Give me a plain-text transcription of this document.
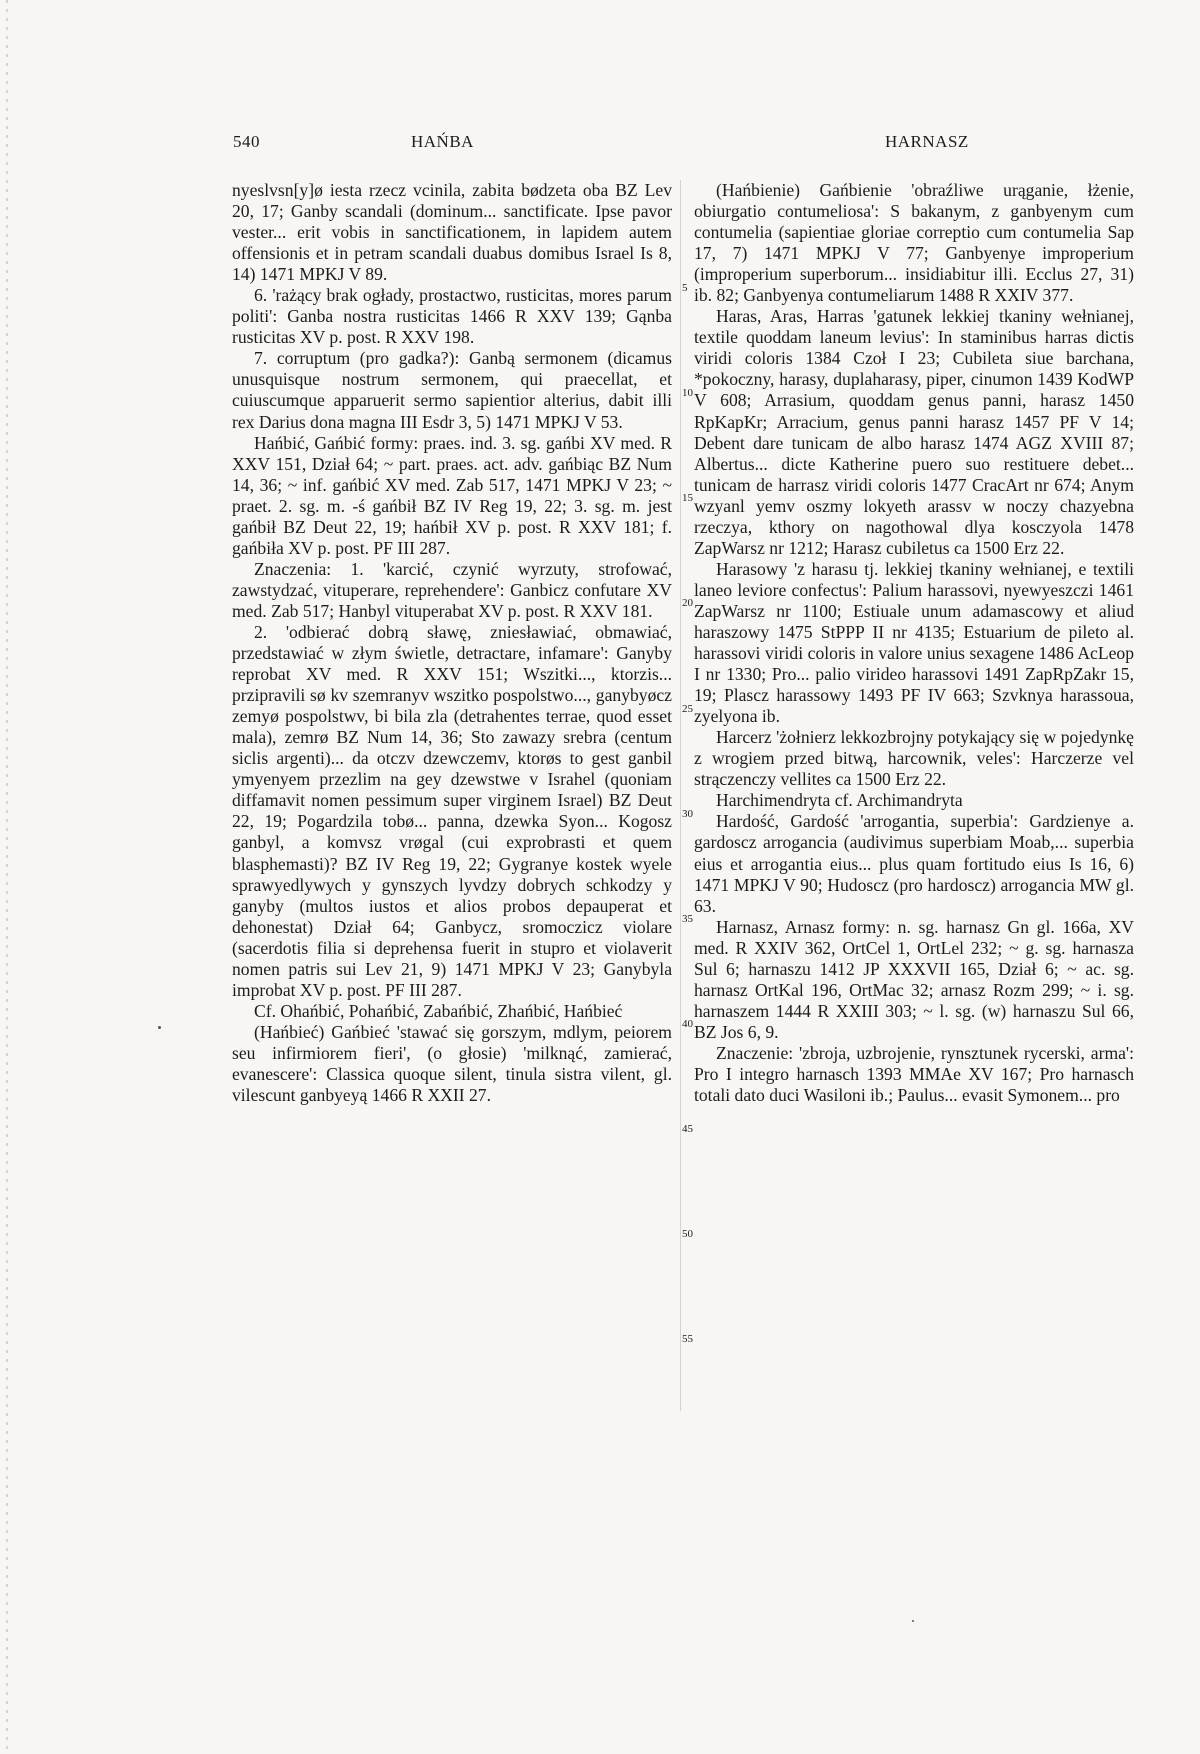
540	HAŃBA	HARNASZ

nyeslvsn[y]ø iesta rzecz vcinila, zabita bødzeta oba BZ Lev 20, 17; Ganby scandali (dominum... sanctificate. Ipse pavor vester... erit vobis in sanctificationem, in lapidem autem offensionis et in petram scandali duabus domibus Israel Is 8, 14) 1471 MPKJ V 89.

6. 'rażący brak ogłady, prostactwo, rusticitas, mores parum politi': Ganba nostra rusticitas 1466 R XXV 139; Gąnba rusticitas XV p. post. R XXV 198.

7. corruptum (pro gadka?): Ganbą sermonem (dicamus unusquisque nostrum sermonem, qui praecellat, et cuiuscumque apparuerit sermo sapientior alterius, dabit illi rex Darius dona magna III Esdr 3, 5) 1471 MPKJ V 53.

Hańbić, Gańbić formy: praes. ind. 3. sg. gańbi XV med. R XXV 151, Dział 64; ~ part. praes. act. adv. gańbiąc BZ Num 14, 36; ~ inf. gańbić XV med. Zab 517, 1471 MPKJ V 23; ~ praet. 2. sg. m. -ś gańbił BZ IV Reg 19, 22; 3. sg. m. jest gańbił BZ Deut 22, 19; hańbił XV p. post. R XXV 181; f. gańbiła XV p. post. PF III 287.

Znaczenia: 1. 'karcić, czynić wyrzuty, strofować, zawstydzać, vituperare, reprehendere': Ganbicz confutare XV med. Zab 517; Hanbyl vituperabat XV p. post. R XXV 181.

2. 'odbierać dobrą sławę, zniesławiać, obmawiać, przedstawiać w złym świetle, detractare, infamare': Ganyby reprobat XV med. R XXV 151; Wszitki..., ktorzis... przipravili sø kv szemranyv wszitko pospolstwo..., ganybyøcz zemyø pospolstwv, bi bila zla (detrahentes terrae, quod esset mala), zemrø BZ Num 14, 36; Sto zawazy srebra (centum siclis argenti)... da otczv dzewczemv, ktorøs to gest ganbil ymyenyem przezlim na gey dzewstwe v Israhel (quoniam diffamavit nomen pessimum super virginem Israel) BZ Deut 22, 19; Pogardzila tobø... panna, dzewka Syon... Kogosz ganbyl, a komvsz vrøgal (cui exprobrasti et quem blasphemasti)? BZ IV Reg 19, 22; Gygranye kostek wyele sprawyedlywych y gynszych lyvdzy dobrych schkodzy y ganyby (multos iustos et alios probos depauperat et dehonestat) Dział 64; Ganbycz, sromoczicz violare (sacerdotis filia si deprehensa fuerit in stupro et violaverit nomen patris sui Lev 21, 9) 1471 MPKJ V 23; Ganybyla improbat XV p. post. PF III 287.

Cf. Ohańbić, Pohańbić, Zabańbić, Zhańbić, Hańbieć

(Hańbieć) Gańbieć 'stawać się gorszym, mdlym, peiorem seu infirmiorem fieri', (o głosie) 'milknąć, zamierać, evanescere': Classica quoque silent, tinula sistra vilent, gl. vilescunt ganbyeyą 1466 R XXII 27.

5
10
15
20
25
30
35
40
45
50
55

(Hańbienie) Gańbienie 'obraźliwe urąganie, łżenie, obiurgatio contumeliosa': S bakanym, z ganbyenym cum contumelia (sapientiae gloriae correptio cum contumelia Sap 17, 7) 1471 MPKJ V 77; Ganbyenye improperium (improperium superborum... insidiabitur illi. Ecclus 27, 31) ib. 82; Ganbyenya contumeliarum 1488 R XXIV 377.

Haras, Aras, Harras 'gatunek lekkiej tkaniny wełnianej, textile quoddam laneum levius': In staminibus harras dictis viridi coloris 1384 Czoł I 23; Cubileta siue barchana, *pokoczny, harasy, duplaharasy, piper, cinumon 1439 KodWP V 608; Arrasium, quoddam genus panni, harasz 1450 RpKapKr; Arracium, genus panni harasz 1457 PF V 14; Debent dare tunicam de albo harasz 1474 AGZ XVIII 87; Albertus... dicte Katherine puero suo restituere debet... tunicam de harrasz viridi coloris 1477 CracArt nr 674; Anym wzyanl yemv oszmy lokyeth arassv w noczy chazyebna rzeczya, kthory on nagothowal dlya kosczyola 1478 ZapWarsz nr 1212; Harasz cubiletus ca 1500 Erz 22.

Harasowy 'z harasu tj. lekkiej tkaniny wełnianej, e textili laneo leviore confectus': Palium harassovi, nyewyeszczi 1461 ZapWarsz nr 1100; Estiuale unum adamascowy et aliud haraszowy 1475 StPPP II nr 4135; Estuarium de pileto al. harassovi viridi coloris in valore unius sexagene 1486 AcLeop I nr 1330; Pro... palio virideo harassovi 1491 ZapRpZakr 15, 19; Plascz harassowy 1493 PF IV 663; Szvknya harassoua, zyelyona ib.

Harcerz 'żołnierz lekkozbrojny potykający się w pojedynkę z wrogiem przed bitwą, harcownik, veles': Harczerze vel strączenczy vellites ca 1500 Erz 22.

Harchimendryta cf. Archimandryta

Hardość, Gardość 'arrogantia, superbia': Gardzienye a. gardoscz arrogancia (audivimus superbiam Moab,... superbia eius et arrogantia eius... plus quam fortitudo eius Is 16, 6) 1471 MPKJ V 90; Hudoscz (pro hardoscz) arrogancia MW gl. 63.

Harnasz, Arnasz formy: n. sg. harnasz Gn gl. 166a, XV med. R XXIV 362, OrtCel 1, OrtLel 232; ~ g. sg. harnasza Sul 6; harnaszu 1412 JP XXXVII 165, Dział 6; ~ ac. sg. harnasz OrtKal 196, OrtMac 32; arnasz Rozm 299; ~ i. sg. harnaszem 1444 R XXIII 303; ~ l. sg. (w) harnaszu Sul 66, BZ Jos 6, 9.

Znaczenie: 'zbroja, uzbrojenie, rynsztunek rycerski, arma': Pro I integro harnasch 1393 MMAe XV 167; Pro harnasch totali dato duci Wasiloni ib.; Paulus... evasit Symonem... pro
